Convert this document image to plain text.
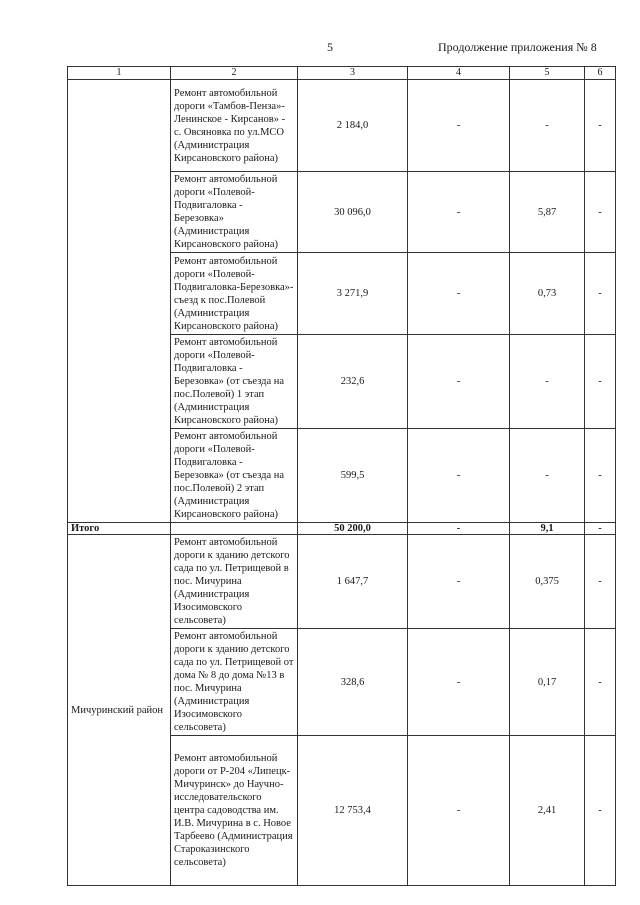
5	Продолжение приложения № 8
1	2	3	4	5	6
	Ремонт автомобильной дороги «Тамбов-Пенза»-Ленинское - Кирсанов» - с. Овсяновка по ул.МСО (Администрация Кирсановского района)	2 184,0	-	-	-
	Ремонт автомобильной дороги «Полевой-Подвигаловка - Березовка» (Администрация Кирсановского района)	30 096,0	-	5,87	-
	Ремонт автомобильной дороги «Полевой-Подвигаловка-Березовка»-съезд к пос.Полевой (Администрация Кирсановского района)	3 271,9	-	0,73	-
	Ремонт автомобильной дороги «Полевой-Подвигаловка - Березовка» (от съезда на пос.Полевой) 1 этап (Администрация Кирсановского района)	232,6	-	-	-
	Ремонт автомобильной дороги «Полевой-Подвигаловка - Березовка» (от съезда на пос.Полевой) 2 этап (Администрация Кирсановского района)	599,5	-	-	-
Итого		50 200,0	-	9,1	-
Мичуринский район	Ремонт автомобильной дороги к зданию детского сада по ул. Петрищевой в пос. Мичурина (Администрация Изосимовского сельсовета)	1 647,7	-	0,375	-
	Ремонт автомобильной дороги к зданию детского сада по ул. Петрищевой от дома № 8 до дома №13 в пос. Мичурина (Администрация Изосимовского сельсовета)	328,6	-	0,17	-
	Ремонт автомобильной дороги от Р-204 «Липецк-Мичуринск» до Научно-исследовательского центра садоводства им. И.В. Мичурина в с. Новое Тарбеево (Администрация Староказинского сельсовета)	12 753,4	-	2,41	-
